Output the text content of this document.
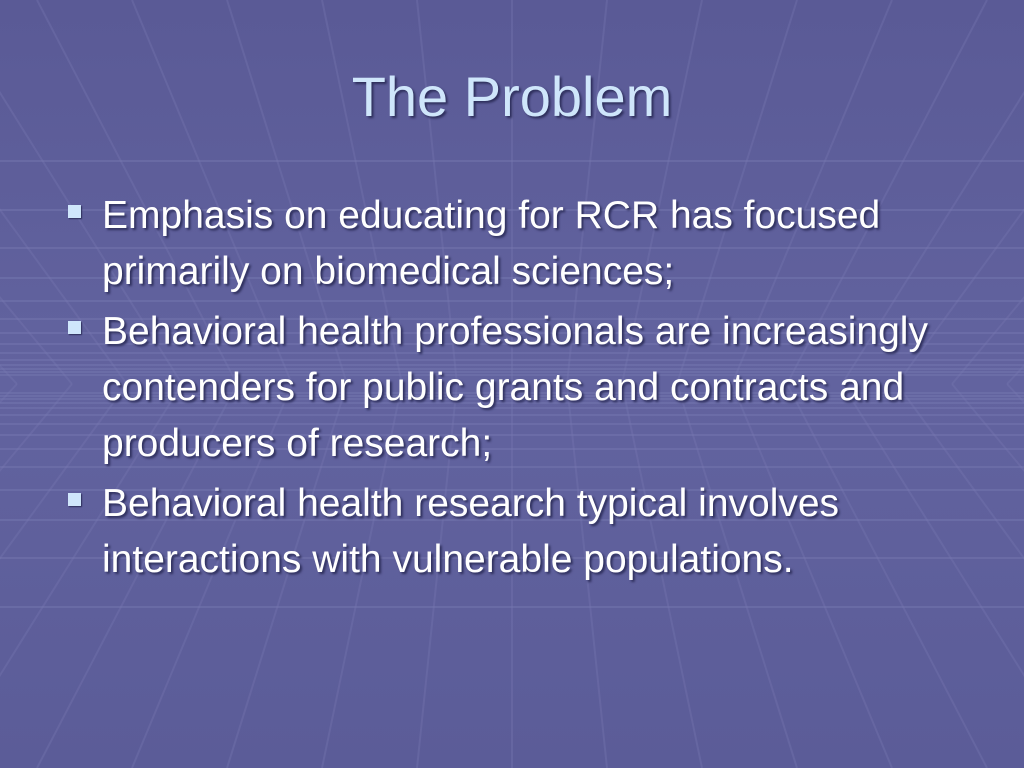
The Problem
Emphasis on educating for RCR has focused primarily on biomedical sciences;
Behavioral health professionals are increasingly contenders for public grants and contracts and producers of research;
Behavioral health research typical involves interactions with vulnerable populations.
